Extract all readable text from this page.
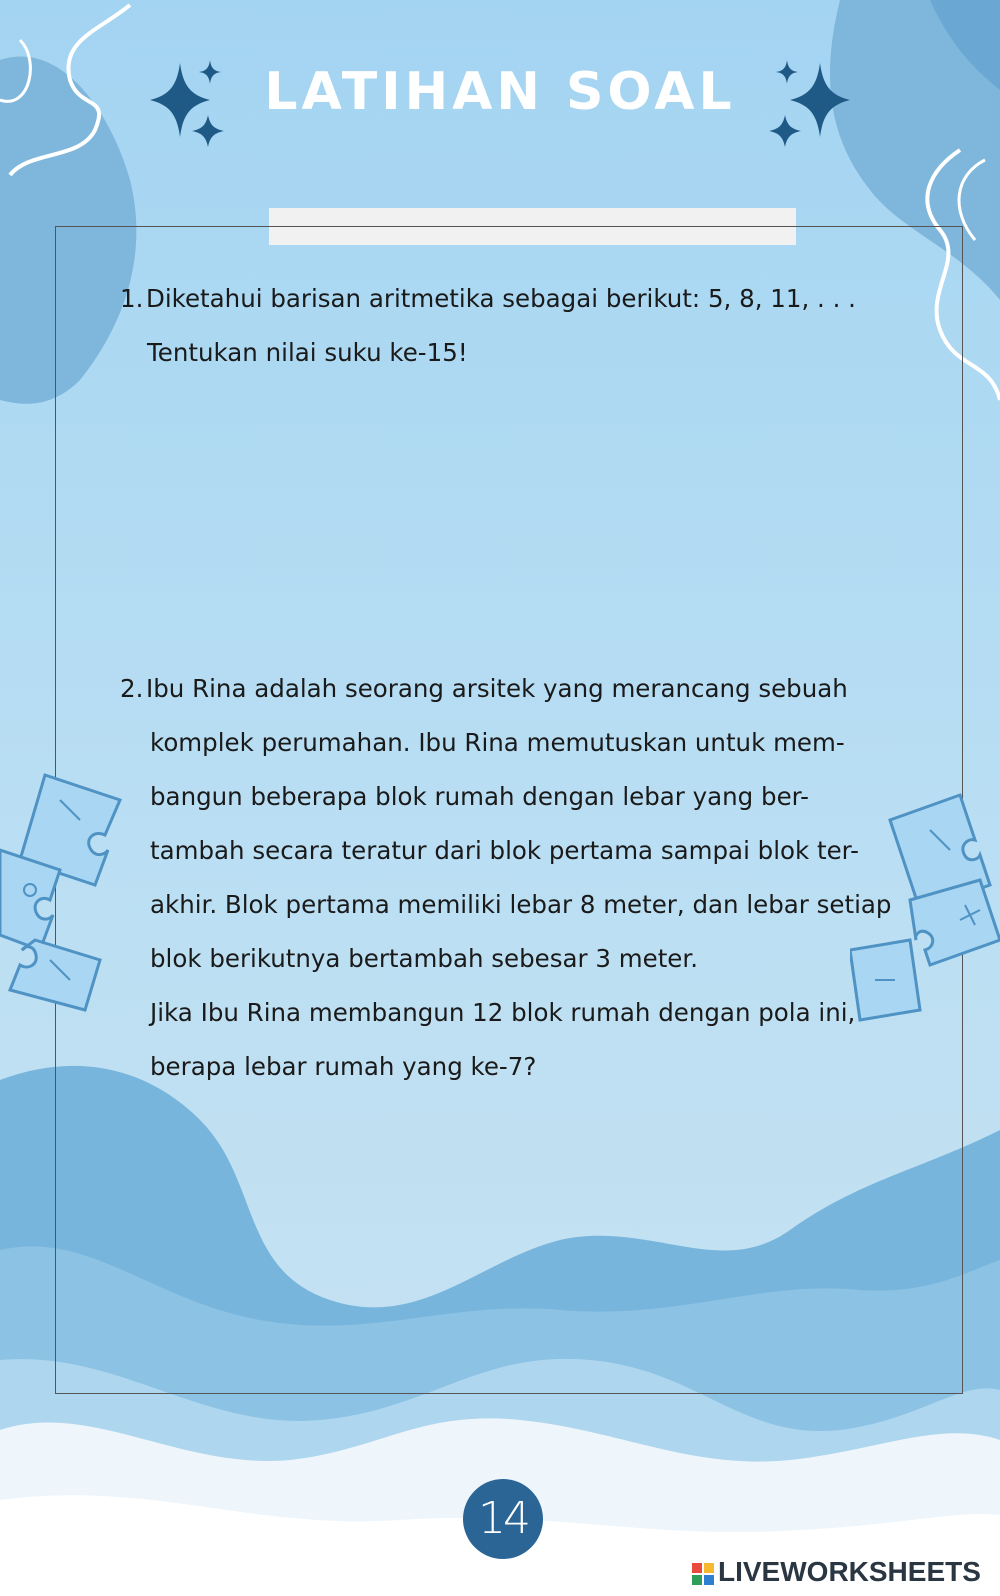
LATIHAN SOAL
1. Diketahui barisan aritmetika sebagai berikut: 5, 8, 11, . . .
Tentukan nilai suku ke-15!
2. Ibu Rina adalah seorang arsitek yang merancang sebuah
komplek perumahan. Ibu Rina memutuskan untuk mem-
bangun beberapa blok rumah dengan lebar yang ber-
tambah secara teratur dari blok pertama sampai blok ter-
akhir. Blok pertama memiliki lebar 8 meter, dan lebar setiap
blok berikutnya bertambah sebesar 3 meter.
Jika Ibu Rina membangun 12 blok rumah dengan pola ini,
berapa lebar rumah yang ke-7?
14
LIVEWORKSHEETS
